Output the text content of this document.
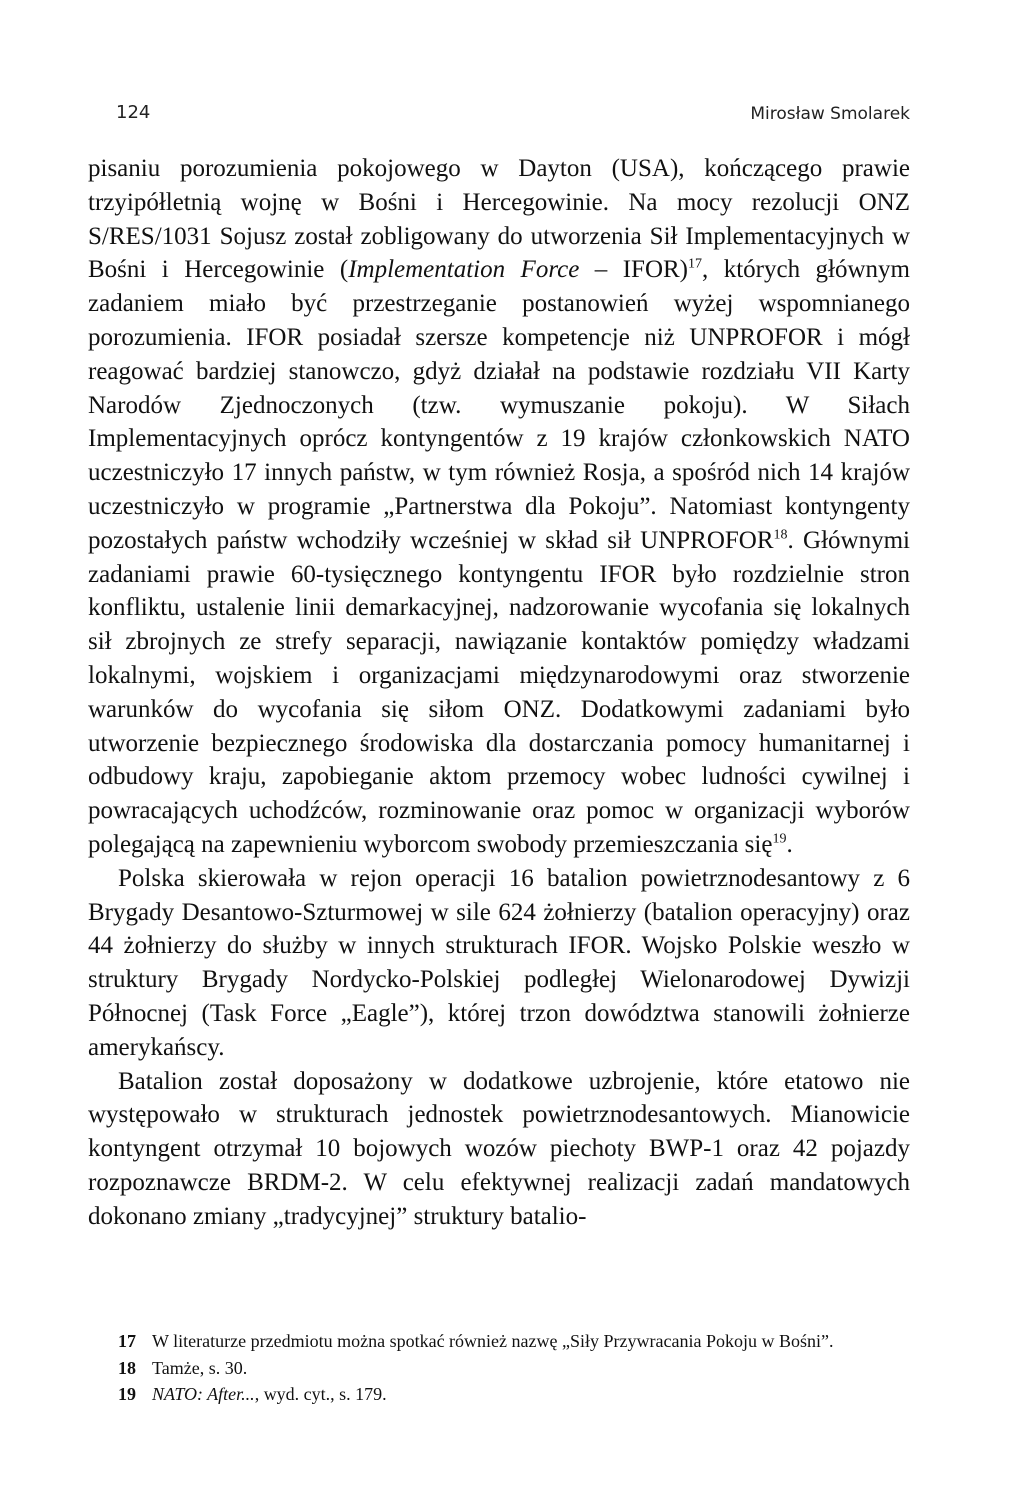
124	Mirosław Smolarek

pisaniu porozumienia pokojowego w Dayton (USA), kończącego prawie trzyipółletnią wojnę w Bośni i Hercegowinie. Na mocy rezolucji ONZ S/RES/1031 Sojusz został zobligowany do utworzenia Sił Implementacyjnych w Bośni i Hercegowinie (Implementation Force – IFOR)$^{17}$, których głównym zadaniem miało być przestrzeganie postanowień wyżej wspomnianego porozumienia. IFOR posiadał szersze kompetencje niż UNPROFOR i mógł reagować bardziej stanowczo, gdyż działał na podstawie rozdziału VII Karty Narodów Zjednoczonych (tzw. wymuszanie pokoju). W Siłach Implementacyjnych oprócz kontyngentów z 19 krajów członkowskich NATO uczestniczyło 17 innych państw, w tym również Rosja, a spośród nich 14 krajów uczestniczyło w programie „Partnerstwa dla Pokoju”. Natomiast kontyngenty pozostałych państw wchodziły wcześniej w skład sił UNPROFOR$^{18}$. Głównymi zadaniami prawie 60-tysięcznego kontyngentu IFOR było rozdzielnie stron konfliktu, ustalenie linii demarkacyjnej, nadzorowanie wycofania się lokalnych sił zbrojnych ze strefy separacji, nawiązanie kontaktów pomiędzy władzami lokalnymi, wojskiem i organizacjami międzynarodowymi oraz stworzenie warunków do wycofania się siłom ONZ. Dodatkowymi zadaniami było utworzenie bezpiecznego środowiska dla dostarczania pomocy humanitarnej i odbudowy kraju, zapobieganie aktom przemocy wobec ludności cywilnej i powracających uchodźców, rozminowanie oraz pomoc w organizacji wyborów polegającą na zapewnieniu wyborcom swobody przemieszczania się$^{19}$.

Polska skierowała w rejon operacji 16 batalion powietrznodesantowy z 6 Brygady Desantowo-Szturmowej w sile 624 żołnierzy (batalion operacyjny) oraz 44 żołnierzy do służby w innych strukturach IFOR. Wojsko Polskie weszło w struktury Brygady Nordycko-Polskiej podległej Wielonarodowej Dywizji Północnej (Task Force „Eagle”), której trzon dowództwa stanowili żołnierze amerykańscy.

Batalion został doposażony w dodatkowe uzbrojenie, które etatowo nie występowało w strukturach jednostek powietrznodesantowych. Mianowicie kontyngent otrzymał 10 bojowych wozów piechoty BWP-1 oraz 42 pojazdy rozpoznawcze BRDM-2. W celu efektywnej realizacji zadań mandatowych dokonano zmiany „tradycyjnej” struktury batalio-

17 W literaturze przedmiotu można spotkać również nazwę „Siły Przywracania Pokoju w Bośni”.

18 Tamże, s. 30.

19 NATO: After..., wyd. cyt., s. 179.
